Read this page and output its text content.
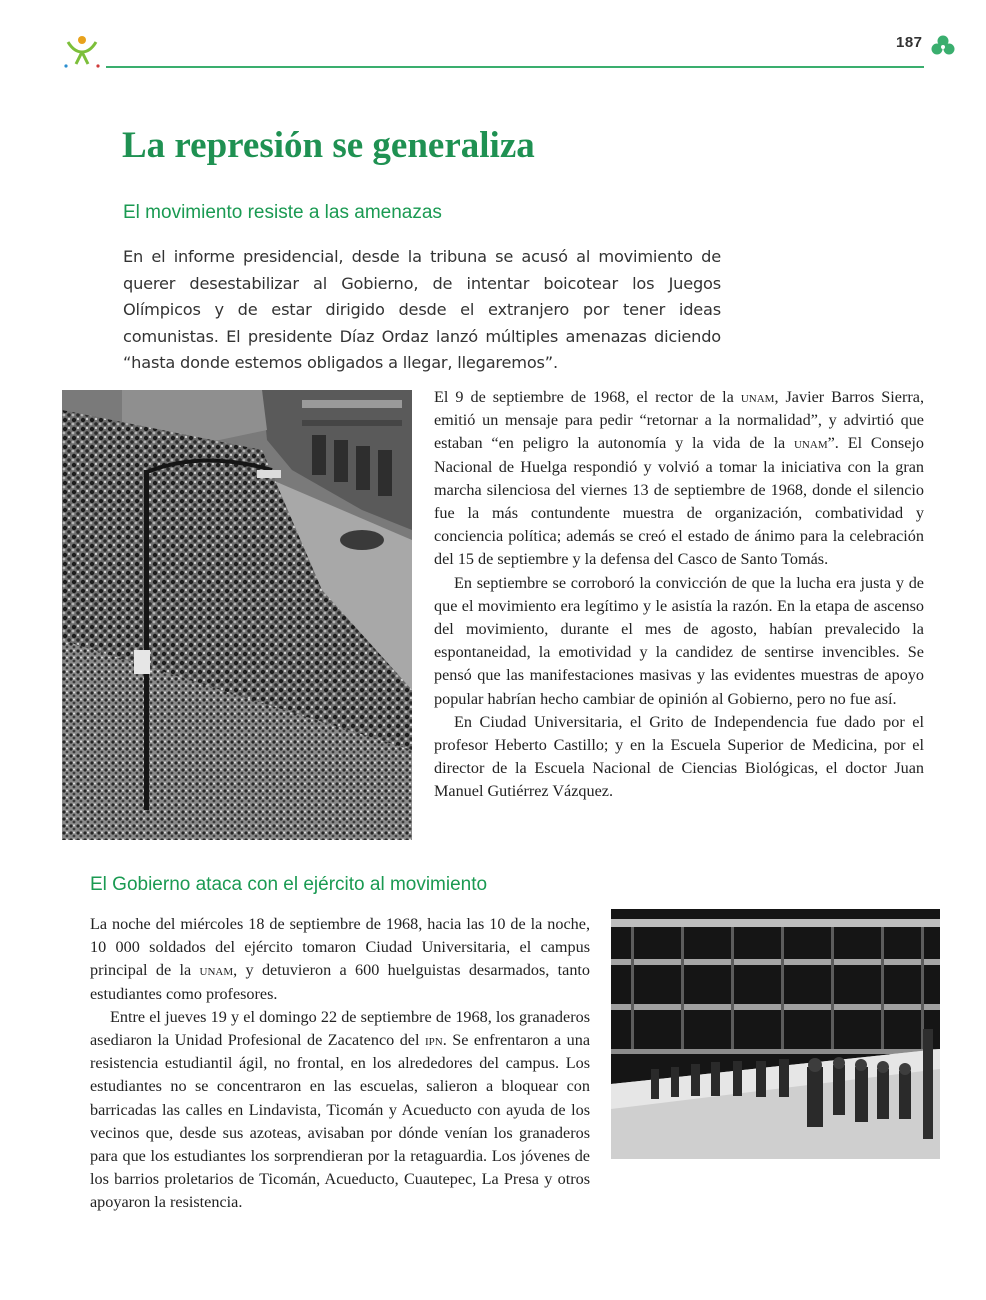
187
La represión se generaliza
El movimiento resiste a las amenazas

En el informe presidencial, desde la tribuna se acusó al movimiento de querer desestabilizar al Gobierno, de intentar boicotear los Juegos Olímpicos y de estar dirigido desde el extranjero por tener ideas comunistas. El presidente Díaz Ordaz lanzó múltiples amenazas diciendo “hasta donde estemos obligados a llegar, llegaremos”.

El 9 de septiembre de 1968, el rector de la unam, Javier Barros Sierra, emitió un mensaje para pedir “retornar a la normalidad”, y advirtió que estaban “en peligro la autonomía y la vida de la unam”. El Consejo Nacional de Huelga respondió y volvió a tomar la iniciativa con la gran marcha silenciosa del viernes 13 de septiembre de 1968, donde el silencio fue la más contundente muestra de organización, combatividad y conciencia política; además se creó el estado de ánimo para la celebración del 15 de septiembre y la defensa del Casco de Santo Tomás.

En septiembre se corroboró la convicción de que la lucha era justa y de que el movimiento era legítimo y le asistía la razón. En la etapa de ascenso del movimiento, durante el mes de agosto, habían prevalecido la espontaneidad, la emotividad y la candidez de sentirse invencibles. Se pensó que las manifestaciones masivas y las evidentes muestras de apoyo popular habrían hecho cambiar de opinión al Gobierno, pero no fue así.

En Ciudad Universitaria, el Grito de Independencia fue dado por el profesor Heberto Castillo; y en la Escuela Superior de Medicina, por el director de la Escuela Nacional de Ciencias Biológicas, el doctor Juan Manuel Gutiérrez Vázquez.

El Gobierno ataca con el ejército al movimiento

La noche del miércoles 18 de septiembre de 1968, hacia las 10 de la noche, 10 000 soldados del ejército tomaron Ciudad Universitaria, el campus principal de la unam, y detuvieron a 600 huelguistas desarmados, tanto estudiantes como profesores.

Entre el jueves 19 y el domingo 22 de septiembre de 1968, los granaderos asediaron la Unidad Profesional de Zacatenco del ipn. Se enfrentaron a una resistencia estudiantil ágil, no frontal, en los alrededores del campus. Los estudiantes no se concentraron en las escuelas, salieron a bloquear con barricadas las calles en Lindavista, Ticomán y Acueducto con ayuda de los vecinos que, desde sus azoteas, avisaban por dónde venían los granaderos para que los estudiantes los sorprendieran por la retaguardia. Los jóvenes de los barrios proletarios de Ticomán, Acueducto, Cuautepec, La Presa y otros apoyaron la resistencia.
